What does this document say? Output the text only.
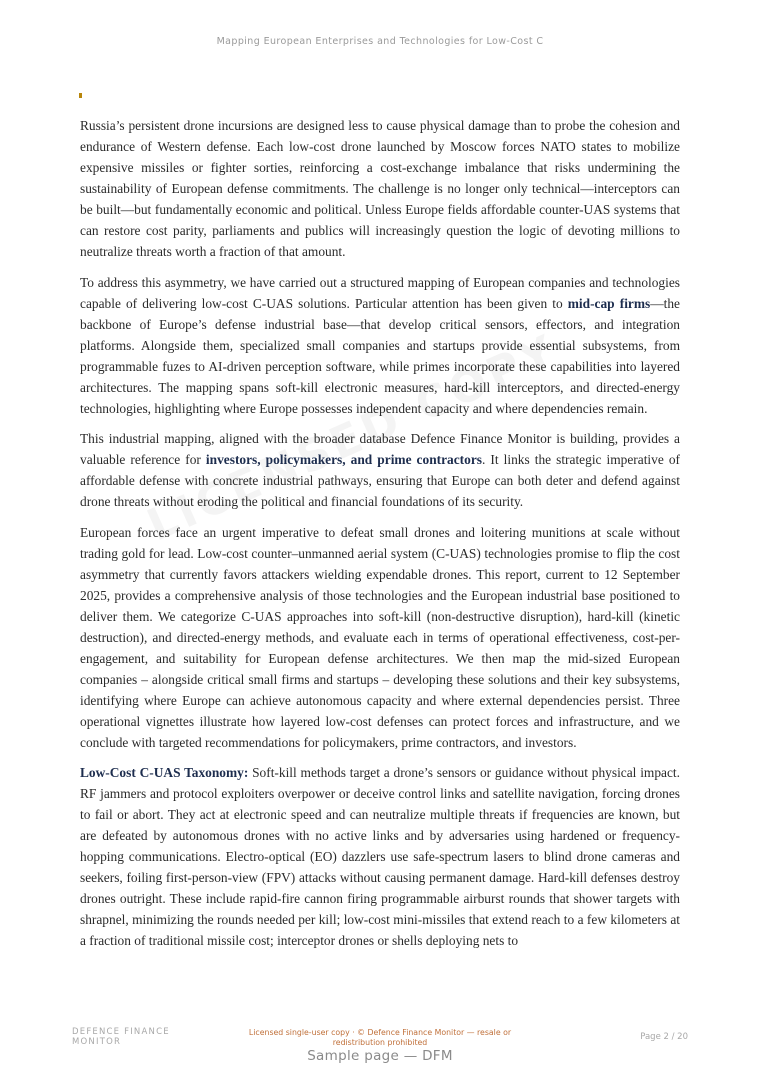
Mapping European Enterprises and Technologies for Low-Cost C

Russia’s persistent drone incursions are designed less to cause physical damage than to probe the cohesion and endurance of Western defense. Each low-cost drone launched by Moscow forces NATO states to mobilize expensive missiles or fighter sorties, reinforcing a cost-exchange imbalance that risks undermining the sustainability of European defense commitments. The challenge is no longer only technical—interceptors can be built—but fundamentally economic and political. Unless Europe fields affordable counter-UAS systems that can restore cost parity, parliaments and publics will increasingly question the logic of devoting millions to neutralize threats worth a fraction of that amount.

To address this asymmetry, we have carried out a structured mapping of European companies and technologies capable of delivering low-cost C-UAS solutions. Particular attention has been given to mid-cap firms—the backbone of Europe’s defense industrial base—that develop critical sensors, effectors, and integration platforms. Alongside them, specialized small companies and startups provide essential subsystems, from programmable fuzes to AI-driven perception software, while primes incorporate these capabilities into layered architectures. The mapping spans soft-kill electronic measures, hard-kill interceptors, and directed-energy technologies, highlighting where Europe possesses independent capacity and where dependencies remain.

This industrial mapping, aligned with the broader database Defence Finance Monitor is building, provides a valuable reference for investors, policymakers, and prime contractors. It links the strategic imperative of affordable defense with concrete industrial pathways, ensuring that Europe can both deter and defend against drone threats without eroding the political and financial foundations of its security.

European forces face an urgent imperative to defeat small drones and loitering munitions at scale without trading gold for lead. Low-cost counter–unmanned aerial system (C-UAS) technologies promise to flip the cost asymmetry that currently favors attackers wielding expendable drones. This report, current to 12 September 2025, provides a comprehensive analysis of those technologies and the European industrial base positioned to deliver them. We categorize C-UAS approaches into soft-kill (non-destructive disruption), hard-kill (kinetic destruction), and directed-energy methods, and evaluate each in terms of operational effectiveness, cost-per-engagement, and suitability for European defense architectures. We then map the mid-sized European companies – alongside critical small firms and startups – developing these solutions and their key subsystems, identifying where Europe can achieve autonomous capacity and where external dependencies persist. Three operational vignettes illustrate how layered low-cost defenses can protect forces and infrastructure, and we conclude with targeted recommendations for policymakers, prime contractors, and investors.

Low-Cost C-UAS Taxonomy: Soft-kill methods target a drone’s sensors or guidance without physical impact. RF jammers and protocol exploiters overpower or deceive control links and satellite navigation, forcing drones to fail or abort. They act at electronic speed and can neutralize multiple threats if frequencies are known, but are defeated by autonomous drones with no active links and by adversaries using hardened or frequency-hopping communications. Electro-optical (EO) dazzlers use safe-spectrum lasers to blind drone cameras and seekers, foiling first-person-view (FPV) attacks without causing permanent damage. Hard-kill defenses destroy drones outright. These include rapid-fire cannon firing programmable airburst rounds that shower targets with shrapnel, minimizing the rounds needed per kill; low-cost mini-missiles that extend reach to a few kilometers at a fraction of traditional missile cost; interceptor drones or shells deploying nets to

DEFENCE FINANCE
MONITOR
Licensed single-user copy · © Defence Finance Monitor — resale or redistribution prohibited
Page 2 / 20
Sample page — DFM
